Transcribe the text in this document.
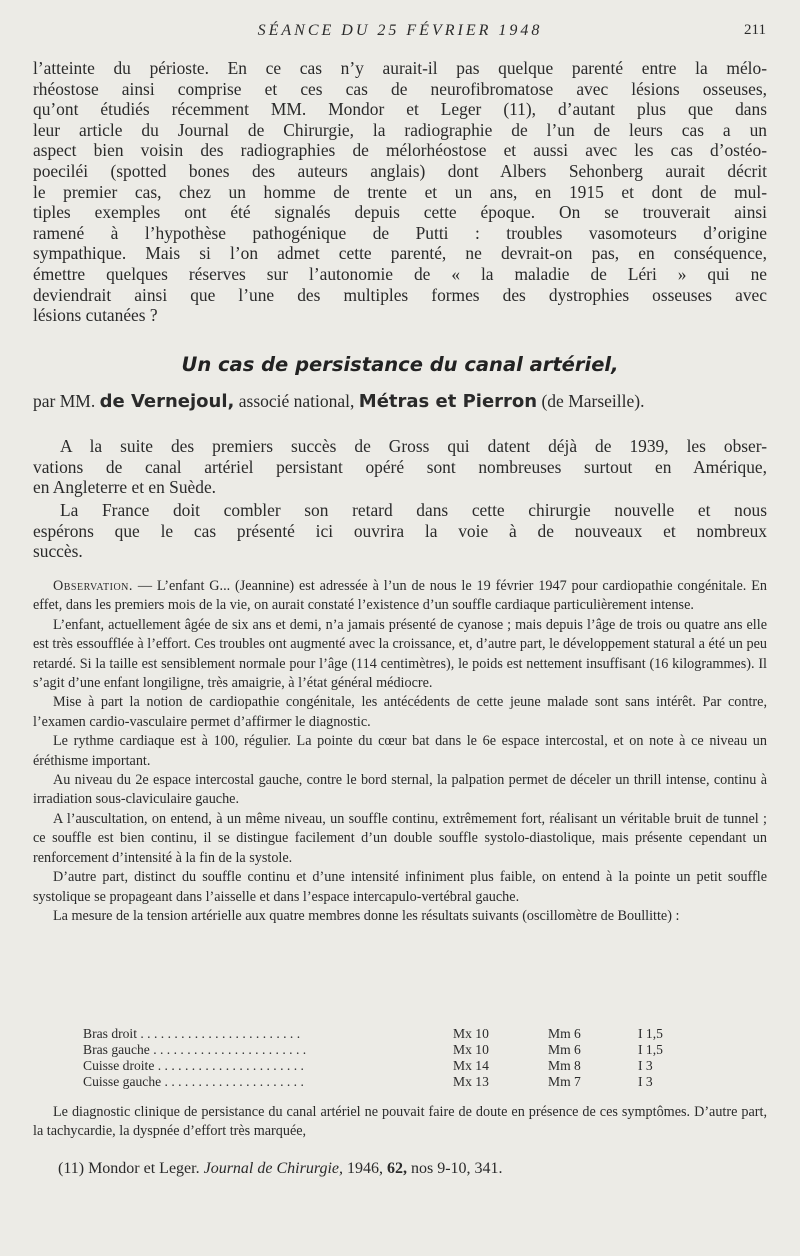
SÉANCE DU 25 FÉVRIER 1948	211
l’atteinte du périoste. En ce cas n’y aurait-il pas quelque parenté entre la mélo-
rhéostose ainsi comprise et ces cas de neurofibromatose avec lésions osseuses,
qu’ont étudiés récemment MM. Mondor et Leger (11), d’autant plus que dans
leur article du Journal de Chirurgie, la radiographie de l’un de leurs cas a un
aspect bien voisin des radiographies de mélorhéostose et aussi avec les cas d’ostéo-
poeciléi (spotted bones des auteurs anglais) dont Albers Sehonberg aurait décrit
le premier cas, chez un homme de trente et un ans, en 1915 et dont de mul-
tiples exemples ont été signalés depuis cette époque. On se trouverait ainsi
ramené à l’hypothèse pathogénique de Putti : troubles vasomoteurs d’origine
sympathique. Mais si l’on admet cette parenté, ne devrait-on pas, en conséquence,
émettre quelques réserves sur l’autonomie de « la maladie de Léri » qui ne
deviendrait ainsi que l’une des multiples formes des dystrophies osseuses avec
lésions cutanées ?
Un cas de persistance du canal artériel,
par MM. de Vernejoul, associé national, Métras et Pierron (de Marseille).
A la suite des premiers succès de Gross qui datent déjà de 1939, les obser-
vations de canal artériel persistant opéré sont nombreuses surtout en Amérique,
en Angleterre et en Suède.
La France doit combler son retard dans cette chirurgie nouvelle et nous
espérons que le cas présenté ici ouvrira la voie à de nouveaux et nombreux
succès.

Observation. — L’enfant G... (Jeannine) est adressée à l’un de nous le 19 février 1947 pour cardiopathie congénitale. En effet, dans les premiers mois de la vie, on aurait constaté l’existence d’un souffle cardiaque particulièrement intense.

L’enfant, actuellement âgée de six ans et demi, n’a jamais présenté de cyanose ; mais depuis l’âge de trois ou quatre ans elle est très essoufflée à l’effort. Ces troubles ont augmenté avec la croissance, et, d’autre part, le développement statural a été un peu retardé. Si la taille est sensiblement normale pour l’âge (114 centimètres), le poids est nettement insuffisant (16 kilogrammes). Il s’agit d’une enfant longiligne, très amaigrie, à l’état général médiocre.

Mise à part la notion de cardiopathie congénitale, les antécédents de cette jeune malade sont sans intérêt. Par contre, l’examen cardio-vasculaire permet d’affirmer le diagnostic.

Le rythme cardiaque est à 100, régulier. La pointe du cœur bat dans le 6e espace intercostal, et on note à ce niveau un éréthisme important.

Au niveau du 2e espace intercostal gauche, contre le bord sternal, la palpation permet de déceler un thrill intense, continu à irradiation sous-claviculaire gauche.

A l’auscultation, on entend, à un même niveau, un souffle continu, extrêmement fort, réalisant un véritable bruit de tunnel ; ce souffle est bien continu, il se distingue facilement d’un double souffle systolo-diastolique, mais présente cependant un renforcement d’intensité à la fin de la systole.

D’autre part, distinct du souffle continu et d’une intensité infiniment plus faible, on entend à la pointe un petit souffle systolique se propageant dans l’aisselle et dans l’espace intercapulo-vertébral gauche.

La mesure de la tension artérielle aux quatre membres donne les résultats suivants (oscillomètre de Boullitte) :

Bras droit . . . . . . . . . . . . . . . . . . . . . . . .	Mx 10	Mm 6	I 1,5
Bras gauche . . . . . . . . . . . . . . . . . . . . . . .	Mx 10	Mm 6	I 1,5
Cuisse droite . . . . . . . . . . . . . . . . . . . . . .	Mx 14	Mm 8	I 3
Cuisse gauche . . . . . . . . . . . . . . . . . . . . .	Mx 13	Mm 7	I 3

Le diagnostic clinique de persistance du canal artériel ne pouvait faire de doute en présence de ces symptômes. D’autre part, la tachycardie, la dyspnée d’effort très marquée,

(11) Mondor et Leger. Journal de Chirurgie, 1946, 62, nos 9-10, 341.
